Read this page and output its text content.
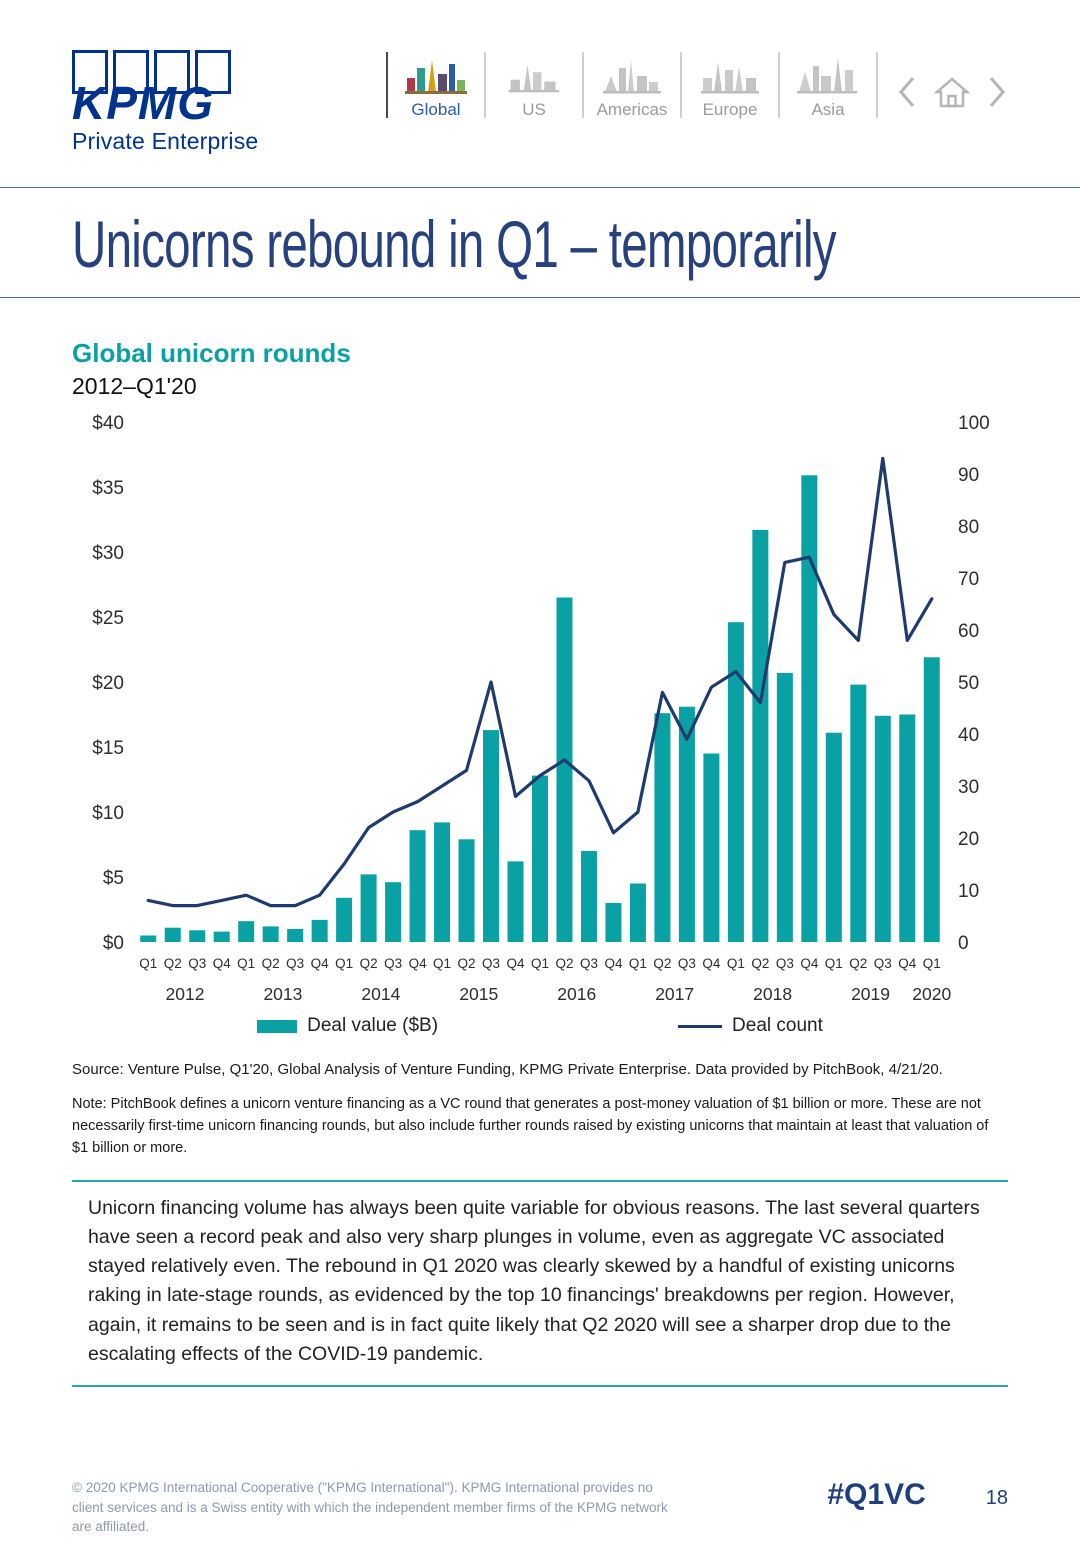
KPMG
Private Enterprise
Global	US	Americas	Europe	Asia
Unicorns rebound in Q1 – temporarily
Global unicorn rounds
2012–Q1'20
$0
$5
$10
$15
$20
$25
$30
$35
$40
0
10
20
30
40
50
60
70
80
90
100
Q1 Q2 Q3 Q4 Q1 Q2 Q3 Q4 Q1 Q2 Q3 Q4 Q1 Q2 Q3 Q4 Q1 Q2 Q3 Q4 Q1 Q2 Q3 Q4 Q1 Q2 Q3 Q4 Q1 Q2 Q3 Q4 Q1
2012	2013	2014	2015	2016	2017	2018	2019 2020
Deal value ($B)	Deal count
Source: Venture Pulse, Q1'20, Global Analysis of Venture Funding, KPMG Private Enterprise. Data provided by PitchBook, 4/21/20.
Note: PitchBook defines a unicorn venture financing as a VC round that generates a post-money valuation of $1 billion or more. These are not necessarily first-time unicorn financing rounds, but also include further rounds raised by existing unicorns that maintain at least that valuation of $1 billion or more.
Unicorn financing volume has always been quite variable for obvious reasons. The last several quarters have seen a record peak and also very sharp plunges in volume, even as aggregate VC associated stayed relatively even. The rebound in Q1 2020 was clearly skewed by a handful of existing unicorns raking in late-stage rounds, as evidenced by the top 10 financings' breakdowns per region. However, again, it remains to be seen and is in fact quite likely that Q2 2020 will see a sharper drop due to the escalating effects of the COVID-19 pandemic.
© 2020 KPMG International Cooperative ("KPMG International"). KPMG International provides no client services and is a Swiss entity with which the independent member firms of the KPMG network are affiliated.
#Q1VC	18
